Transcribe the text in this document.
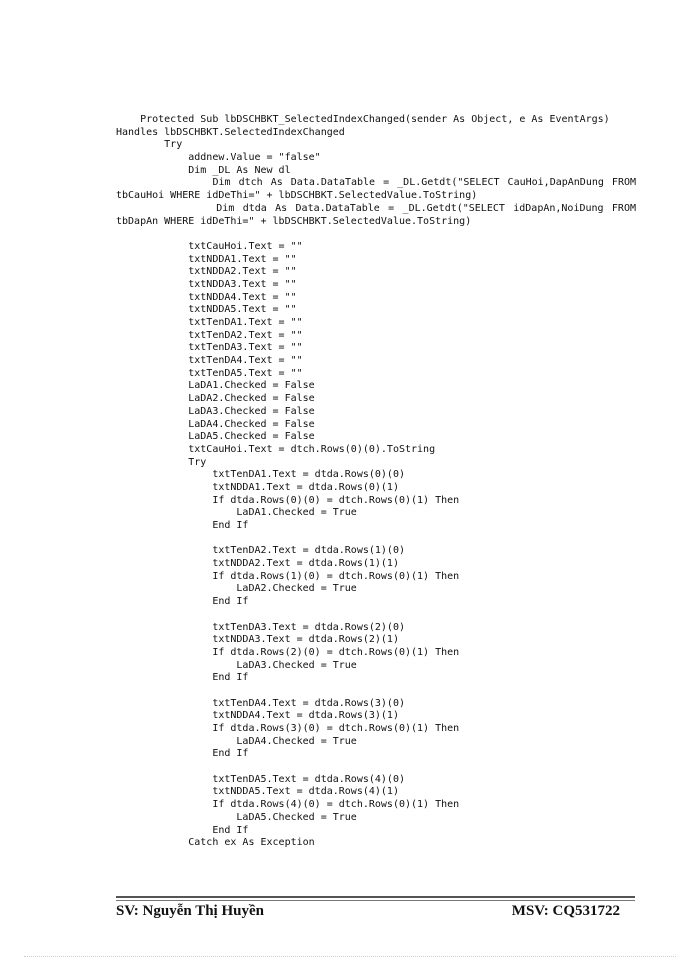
Protected Sub lbDSCHBKT_SelectedIndexChanged(sender As Object, e As EventArgs)
Handles lbDSCHBKT.SelectedIndexChanged
Try
addnew.Value = "false"
Dim _DL As New dl
Dim dtch As Data.DataTable = _DL.Getdt("SELECT CauHoi,DapAnDung FROM
tbCauHoi WHERE idDeThi=" + lbDSCHBKT.SelectedValue.ToString)
Dim dtda As Data.DataTable = _DL.Getdt("SELECT idDapAn,NoiDung FROM
tbDapAn WHERE idDeThi=" + lbDSCHBKT.SelectedValue.ToString)
txtCauHoi.Text = ""
txtNDDA1.Text = ""
txtNDDA2.Text = ""
txtNDDA3.Text = ""
txtNDDA4.Text = ""
txtNDDA5.Text = ""
txtTenDA1.Text = ""
txtTenDA2.Text = ""
txtTenDA3.Text = ""
txtTenDA4.Text = ""
txtTenDA5.Text = ""
LaDA1.Checked = False
LaDA2.Checked = False
LaDA3.Checked = False
LaDA4.Checked = False
LaDA5.Checked = False
txtCauHoi.Text = dtch.Rows(0)(0).ToString
Try
txtTenDA1.Text = dtda.Rows(0)(0)
txtNDDA1.Text = dtda.Rows(0)(1)
If dtda.Rows(0)(0) = dtch.Rows(0)(1) Then
LaDA1.Checked = True
End If
txtTenDA2.Text = dtda.Rows(1)(0)
txtNDDA2.Text = dtda.Rows(1)(1)
If dtda.Rows(1)(0) = dtch.Rows(0)(1) Then
LaDA2.Checked = True
End If
txtTenDA3.Text = dtda.Rows(2)(0)
txtNDDA3.Text = dtda.Rows(2)(1)
If dtda.Rows(2)(0) = dtch.Rows(0)(1) Then
LaDA3.Checked = True
End If
txtTenDA4.Text = dtda.Rows(3)(0)
txtNDDA4.Text = dtda.Rows(3)(1)
If dtda.Rows(3)(0) = dtch.Rows(0)(1) Then
LaDA4.Checked = True
End If
txtTenDA5.Text = dtda.Rows(4)(0)
txtNDDA5.Text = dtda.Rows(4)(1)
If dtda.Rows(4)(0) = dtch.Rows(0)(1) Then
LaDA5.Checked = True
End If
Catch ex As Exception
SV: Nguyễn Thị Huyền	MSV: CQ531722
